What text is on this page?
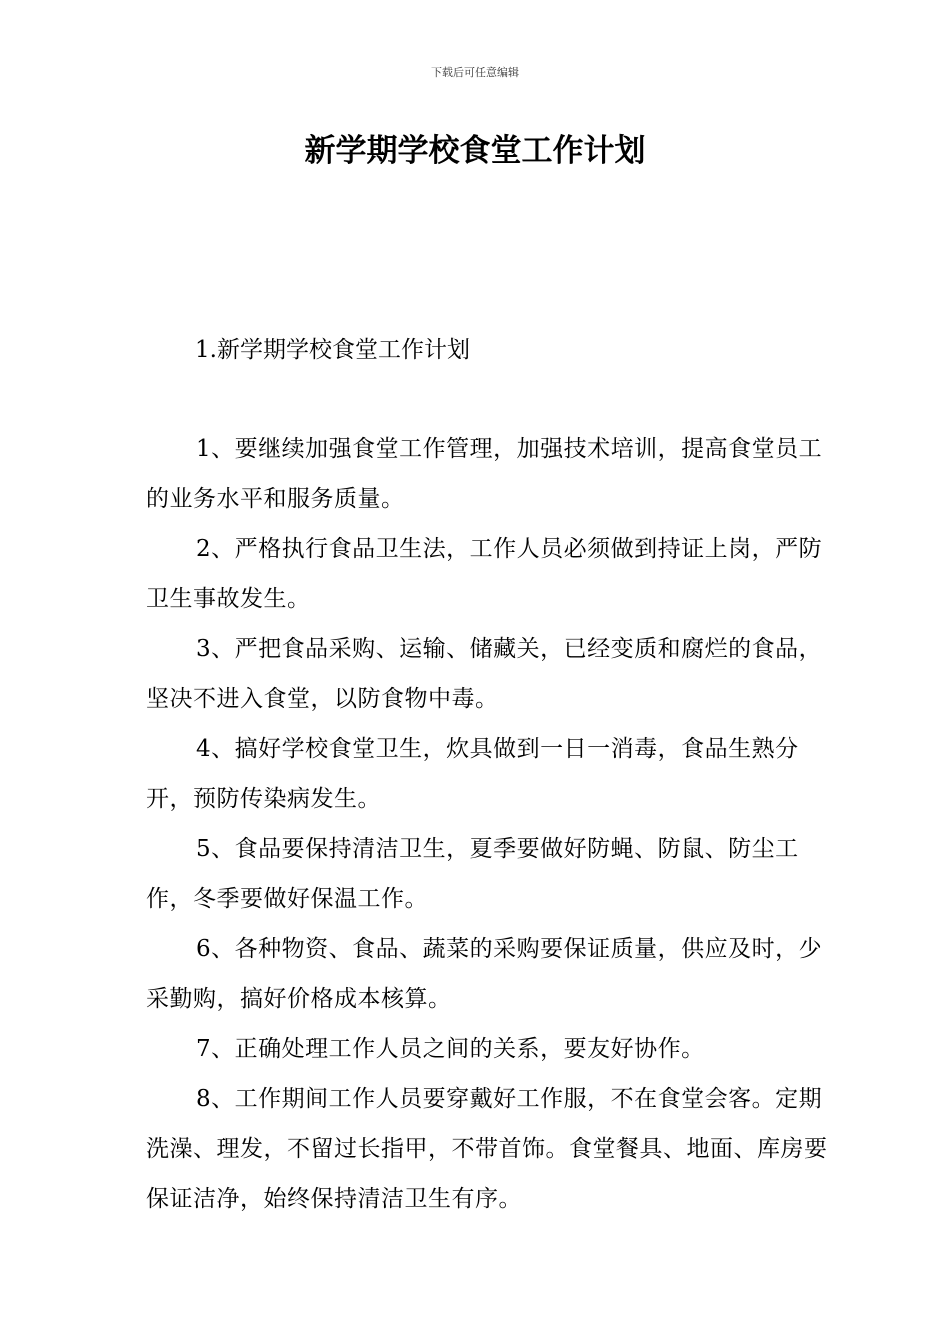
下载后可任意编辑
新学期学校食堂工作计划
1.新学期学校食堂工作计划

1、要继续加强食堂工作管理，加强技术培训，提高食堂员工的业务水平和服务质量。

2、严格执行食品卫生法，工作人员必须做到持证上岗，严防卫生事故发生。

3、严把食品采购、运输、储藏关，已经变质和腐烂的食品，坚决不进入食堂，以防食物中毒。

4、搞好学校食堂卫生，炊具做到一日一消毒，食品生熟分开，预防传染病发生。

5、食品要保持清洁卫生，夏季要做好防蝇、防鼠、防尘工作，冬季要做好保温工作。

6、各种物资、食品、蔬菜的采购要保证质量，供应及时，少采勤购，搞好价格成本核算。

7、正确处理工作人员之间的关系，要友好协作。

8、工作期间工作人员要穿戴好工作服，不在食堂会客。定期洗澡、理发，不留过长指甲，不带首饰。食堂餐具、地面、库房要保证洁净，始终保持清洁卫生有序。
